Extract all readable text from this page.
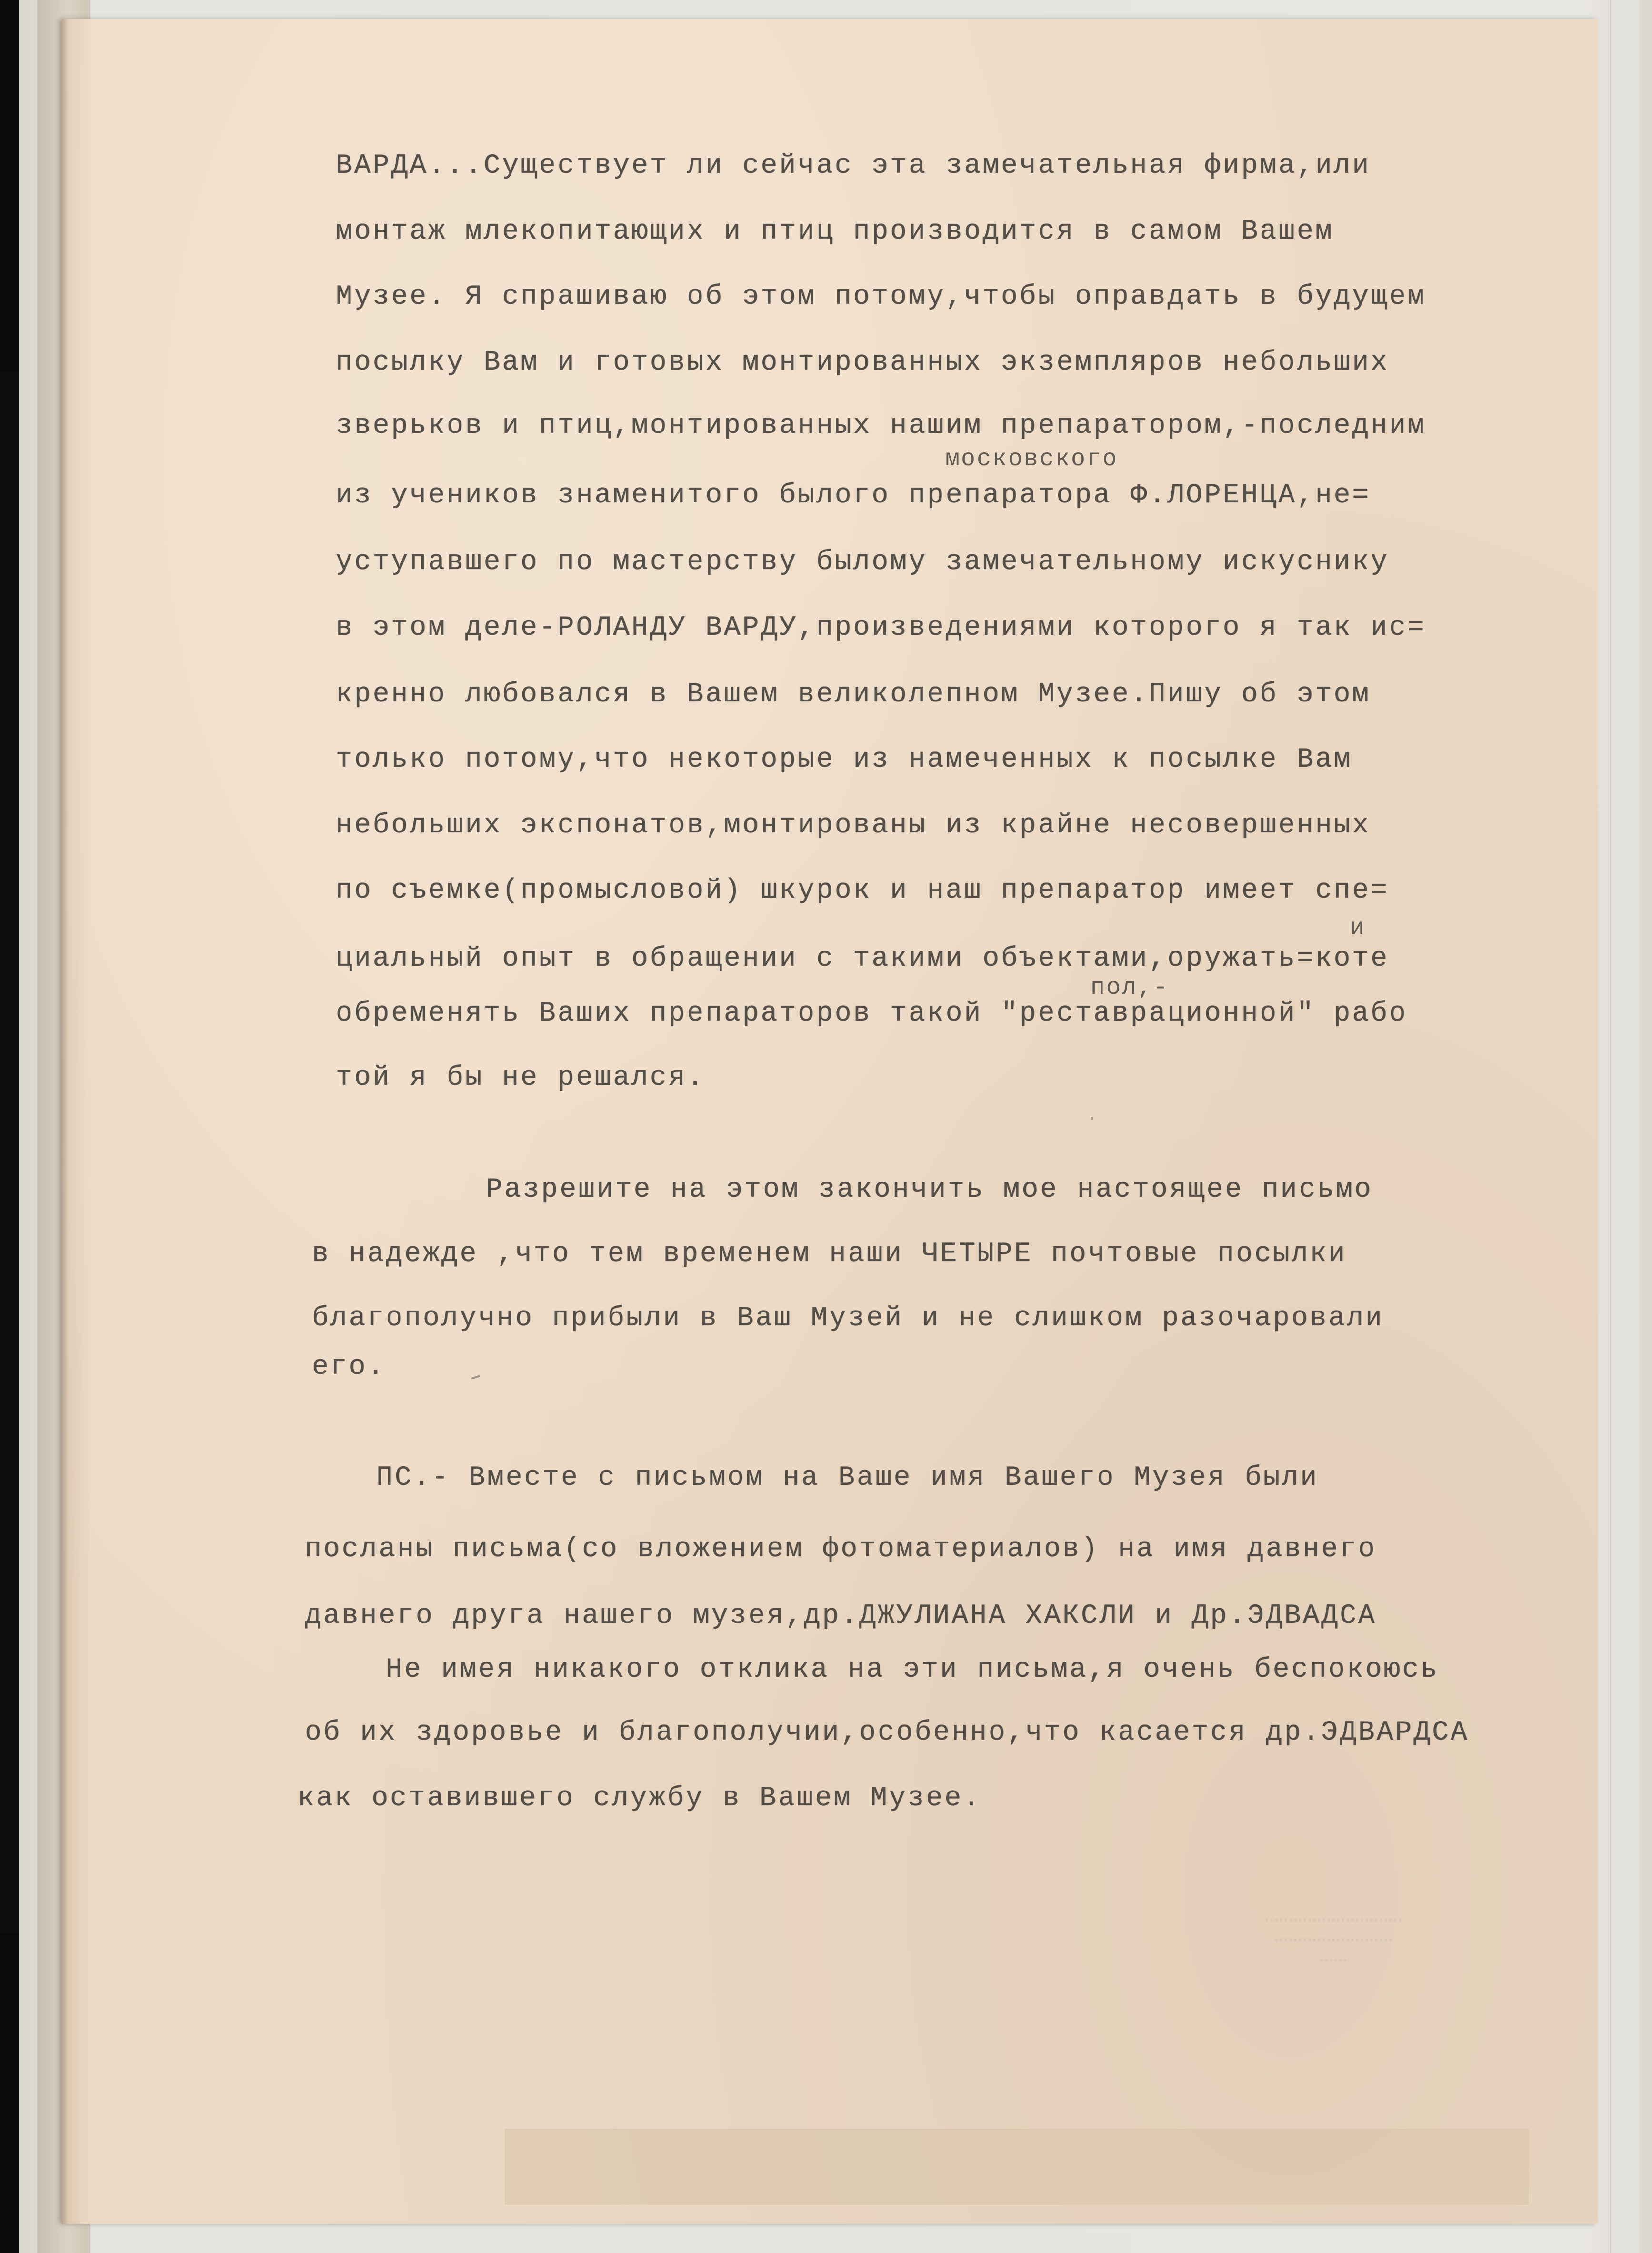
ВАРДА...Существует ли сейчас эта замечательная фирма,или
монтаж млекопитающих и птиц производится в самом Вашем
Музее. Я спрашиваю об этом потому,чтобы оправдать в будущем
посылку Вам и готовых монтированных экземпляров небольших
зверьков и птиц,монтированных нашим препаратором,-последним
московского
из учеников знаменитого былого препаратора Ф.ЛОРЕНЦА,не=
уступавшего по мастерству былому замечательному искуснику
в этом деле-РОЛАНДУ ВАРДУ,произведениями которого я так ис=
кренно любовался в Вашем великолепном Музее.Пишу об этом
только потому,что некоторые из намеченных к посылке Вам
небольших экспонатов,монтированы из крайне несовершенных
по съемке(промысловой) шкурок и наш препаратор имеет спе=
и
циальный опыт в обращении с такими объектами,оружать=коте
пол,-
обременять Ваших препараторов такой "реставрационной" рабо
той я бы не решался.
Разрешите на этом закончить мое настоящее письмо
в надежде ,что тем временем наши ЧЕТЫРЕ почтовые посылки
благополучно прибыли в Ваш Музей и не слишком разочаровали
его.
ПС.- Вместе с письмом на Ваше имя Вашего Музея были
посланы письма(со вложением фотоматериалов) на имя давнего
давнего друга нашего музея,др.ДЖУЛИАНА ХАКСЛИ и Др.ЭДВАДСА
Не имея никакого отклика на эти письма,я очень беспокоюсь
об их здоровье и благополучии,особенно,что касается др.ЭДВАРДСА
как оставившего службу в Вашем Музее.
·····························
·························
······
